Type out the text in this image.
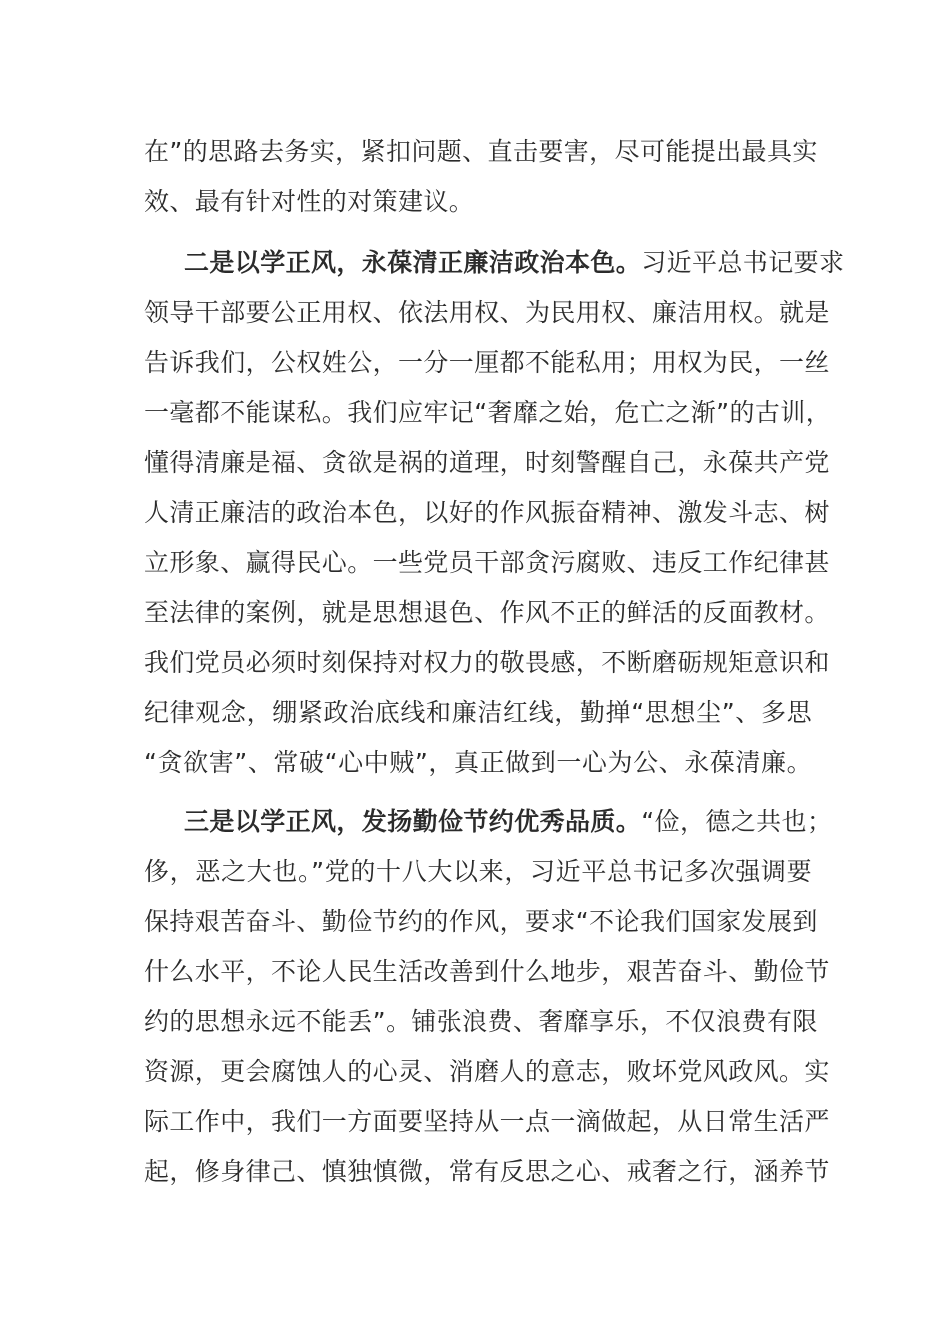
在”的思路去务实，紧扣问题、直击要害，尽可能提出最具实
效、最有针对性的对策建议。
二是以学正风，永葆清正廉洁政治本色。习近平总书记要求
领导干部要公正用权、依法用权、为民用权、廉洁用权。就是
告诉我们，公权姓公，一分一厘都不能私用；用权为民，一丝
一毫都不能谋私。我们应牢记“奢靡之始，危亡之渐”的古训，
懂得清廉是福、贪欲是祸的道理，时刻警醒自己，永葆共产党
人清正廉洁的政治本色，以好的作风振奋精神、激发斗志、树
立形象、赢得民心。一些党员干部贪污腐败、违反工作纪律甚
至法律的案例，就是思想退色、作风不正的鲜活的反面教材。
我们党员必须时刻保持对权力的敬畏感，不断磨砺规矩意识和
纪律观念，绷紧政治底线和廉洁红线，勤掸“思想尘”、多思
“贪欲害”、常破“心中贼”，真正做到一心为公、永葆清廉。
三是以学正风，发扬勤俭节约优秀品质。“俭，德之共也；
侈，恶之大也。”党的十八大以来，习近平总书记多次强调要
保持艰苦奋斗、勤俭节约的作风，要求“不论我们国家发展到
什么水平，不论人民生活改善到什么地步，艰苦奋斗、勤俭节
约的思想永远不能丢”。铺张浪费、奢靡享乐，不仅浪费有限
资源，更会腐蚀人的心灵、消磨人的意志，败坏党风政风。实
际工作中，我们一方面要坚持从一点一滴做起，从日常生活严
起，修身律己、慎独慎微，常有反思之心、戒奢之行，涵养节
